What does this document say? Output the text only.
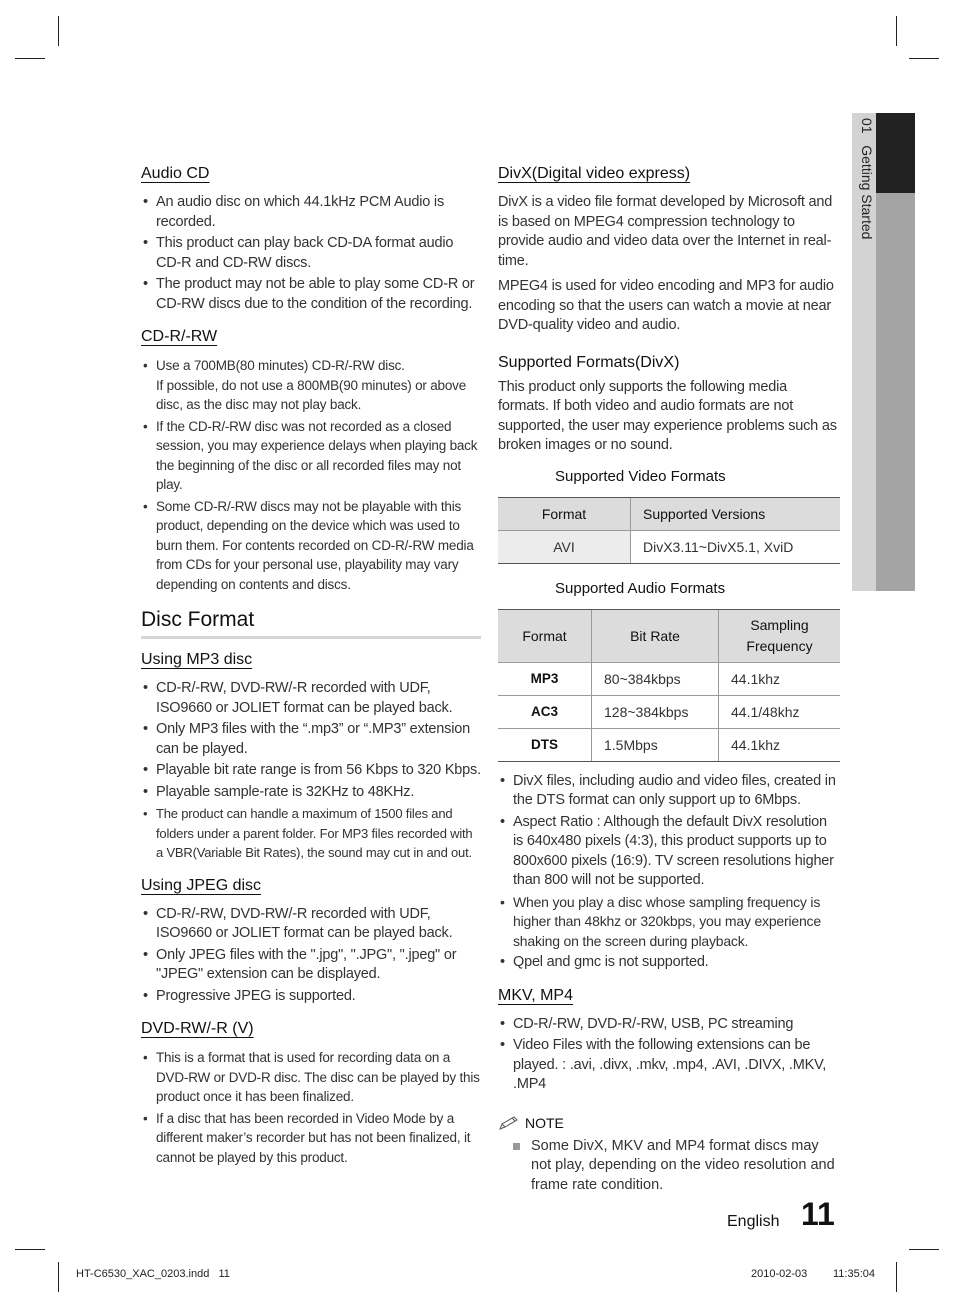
01   Getting Started
Audio CD
• An audio disc on which 44.1kHz PCM Audio is recorded.
• This product can play back CD-DA format audio CD-R and CD-RW discs.
• The product may not be able to play some CD-R or CD-RW discs due to the condition of the recording.
CD-R/-RW
• Use a 700MB(80 minutes) CD-R/-RW disc.
If possible, do not use a 800MB(90 minutes) or above disc, as the disc may not play back.
• If the CD-R/-RW disc was not recorded as a closed session, you may experience delays when playing back the beginning of the disc or all recorded files may not play.
• Some CD-R/-RW discs may not be playable with this product, depending on the device which was used to burn them. For contents recorded on CD-R/-RW media from CDs for your personal use, playability may vary depending on contents and discs.
Disc Format
Using MP3 disc
• CD-R/-RW, DVD-RW/-R recorded with UDF, ISO9660 or JOLIET format can be played back.
• Only MP3 files with the “.mp3” or “.MP3” extension can be played.
• Playable bit rate range is from 56 Kbps to 320 Kbps.
• Playable sample-rate is 32KHz to 48KHz.
• The product can handle a maximum of 1500 files and folders under a parent folder. For MP3 files recorded with a VBR(Variable Bit Rates), the sound may cut in and out.
Using JPEG disc
• CD-R/-RW, DVD-RW/-R recorded with UDF, ISO9660 or JOLIET format can be played back.
• Only JPEG files with the ".jpg", ".JPG", ".jpeg" or "JPEG" extension can be displayed.
• Progressive JPEG is supported.
DVD-RW/-R (V)
• This is a format that is used for recording data on a DVD-RW or DVD-R disc. The disc can be played by this product once it has been finalized.
• If a disc that has been recorded in Video Mode by a different maker’s recorder but has not been finalized, it cannot be played by this product.
DivX(Digital video express)

DivX is a video file format developed by Microsoft and is based on MPEG4 compression technology to provide audio and video data over the Internet in real-time.

MPEG4 is used for video encoding and MP3 for audio encoding so that the users can watch a movie at near DVD-quality video and audio.

Supported Formats(DivX)

This product only supports the following media formats. If both video and audio formats are not supported, the user may experience problems such as broken images or no sound.

Supported Video Formats
Format	Supported Versions
AVI	DivX3.11~DivX5.1, XviD
Supported Audio Formats
Format	Bit Rate	Sampling
Frequency
MP3	80~384kbps	44.1khz
AC3	128~384kbps	44.1/48khz
DTS	1.5Mbps	44.1khz
• DivX files, including audio and video files, created in the DTS format can only support up to 6Mbps.
• Aspect Ratio : Although the default DivX resolution is 640x480 pixels (4:3), this product supports up to 800x600 pixels (16:9). TV screen resolutions higher than 800 will not be supported.
• When you play a disc whose sampling frequency is higher than 48khz or 320kbps, you may experience shaking on the screen during playback.
• Qpel and gmc is not supported.
MKV, MP4
• CD-R/-RW, DVD-R/-RW, USB, PC streaming
• Video Files with the following extensions can be played. : .avi, .divx, .mkv, .mp4, .AVI, .DIVX, .MKV, .MP4
NOTE
Some DivX, MKV and MP4 format discs may not play, depending on the video resolution and frame rate condition.
English 11
HT-C6530_XAC_0203.indd   11	2010-02-03 11:35:04
